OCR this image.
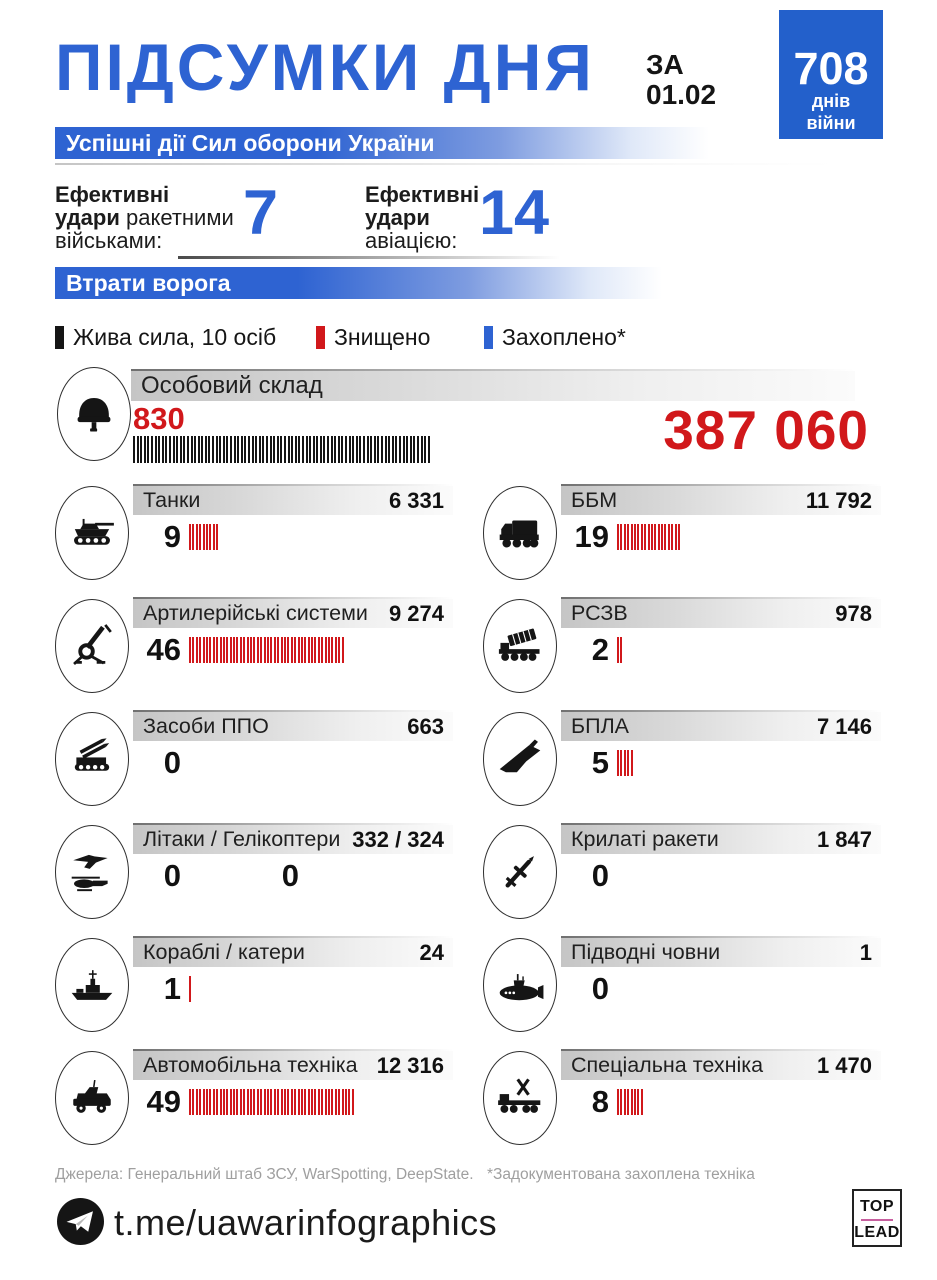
ПІДСУМКИ ДНЯ ЗА
01.02
708
днів
війни
Успішні дії Сил оборони України
Ефективні
удари ракетними
військами:	7	Ефективні
удари
авіацією: 14
Втрати ворога
Жива сила, 10 осіб	Знищено	Захоплено*
Особовий склад
830	387 060
Танки	6 331
9
ББМ	11 792
19
Артилерійські системи 9 274
46
РСЗВ	978
2
Засоби ППО	663
0
БПЛА	7 146
5
Літаки / Гелікоптери 332 / 324
0	0
Крилаті ракети	1 847
0
Кораблі / катери	24
1
Підводні човни	1
0
Автомобільна техніка 12 316
49
Спеціальна техніка 1 470
8
Джерела: Генеральний штаб ЗСУ, WarSpotting, DeepState. *Задокументована захоплена техніка
t.me/uawarinfographics	TOP
LEAD
